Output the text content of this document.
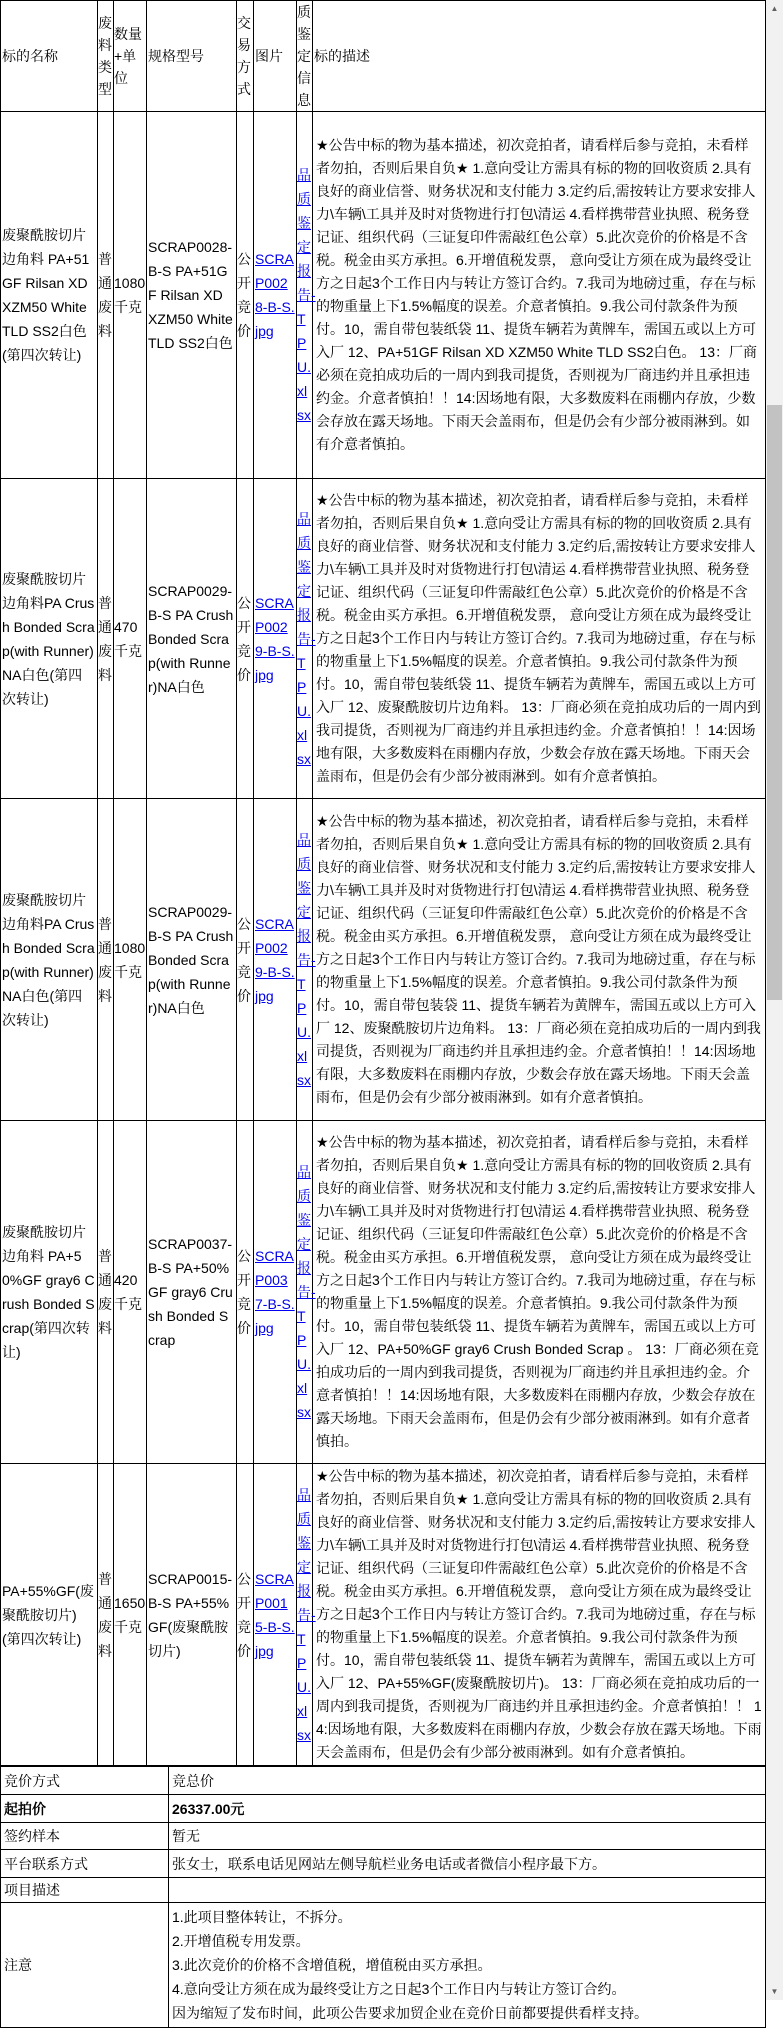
标的名称	废料类型	数量+单位	规格型号	交易方式	图片	质鉴定信息	标的描述
废聚酰胺切片边角料 PA+51GF Rilsan XD XZM50 White TLD SS2白色 (第四次转让)	普通废料	1080千克	SCRAP0028-B-S PA+51GF Rilsan XD XZM50 White TLD SS2白色	公开竞价	SCRAP0028-B-S.jpg	品质鉴定报告-TPU.xlsx	★公告中标的物为基本描述，初次竞拍者，请看样后参与竞拍，未看样者勿拍，否则后果自负★ 1.意向受让方需具有标的物的回收资质 2.具有良好的商业信誉、财务状况和支付能力 3.定约后,需按转让方要求安排人力\车辆\工具并及时对货物进行打包\清运 4.看样携带营业执照、税务登记证、组织代码（三证复印件需敲红色公章）5.此次竞价的价格是不含税。税金由买方承担。6.开增值税发票， 意向受让方须在成为最终受让方之日起3个工作日内与转让方签订合约。7.我司为地磅过重，存在与标的物重量上下1.5%幅度的误差。介意者慎拍。9.我公司付款条件为预付。10，需自带包装纸袋 11、提货车辆若为黄牌车，需国五或以上方可入厂 12、PA+51GF Rilsan XD XZM50 White TLD SS2白色。 13：厂商必须在竞拍成功后的一周内到我司提货，否则视为厂商违约并且承担违约金。介意者慎拍！！14:因场地有限，大多数废料在雨棚内存放，少数会存放在露天场地。下雨天会盖雨布，但是仍会有少部分被雨淋到。如有介意者慎拍。
废聚酰胺切片边角料PA Crush Bonded Scrap(with Runner)NA白色(第四次转让)	普通废料	470千克	SCRAP0029-B-S PA Crush Bonded Scrap(with Runner)NA白色	公开竞价	SCRAP0029-B-S.jpg	品质鉴定报告-TPU.xlsx	★公告中标的物为基本描述，初次竞拍者，请看样后参与竞拍，未看样者勿拍，否则后果自负★ 1.意向受让方需具有标的物的回收资质 2.具有良好的商业信誉、财务状况和支付能力 3.定约后,需按转让方要求安排人力\车辆\工具并及时对货物进行打包\清运 4.看样携带营业执照、税务登记证、组织代码（三证复印件需敲红色公章）5.此次竞价的价格是不含税。税金由买方承担。6.开增值税发票， 意向受让方须在成为最终受让方之日起3个工作日内与转让方签订合约。7.我司为地磅过重，存在与标的物重量上下1.5%幅度的误差。介意者慎拍。9.我公司付款条件为预付。10，需自带包装纸袋 11、提货车辆若为黄牌车，需国五或以上方可入厂 12、废聚酰胺切片边角料。 13：厂商必须在竞拍成功后的一周内到我司提货，否则视为厂商违约并且承担违约金。介意者慎拍！！14:因场地有限，大多数废料在雨棚内存放，少数会存放在露天场地。下雨天会盖雨布，但是仍会有少部分被雨淋到。如有介意者慎拍。
废聚酰胺切片边角料PA Crush Bonded Scrap(with Runner)NA白色(第四次转让)	普通废料	1080千克	SCRAP0029-B-S PA Crush Bonded Scrap(with Runner)NA白色	公开竞价	SCRAP0029-B-S.jpg	品质鉴定报告-TPU.xlsx	★公告中标的物为基本描述，初次竞拍者，请看样后参与竞拍，未看样者勿拍，否则后果自负★ 1.意向受让方需具有标的物的回收资质 2.具有良好的商业信誉、财务状况和支付能力 3.定约后,需按转让方要求安排人力\车辆\工具并及时对货物进行打包\清运 4.看样携带营业执照、税务登记证、组织代码（三证复印件需敲红色公章）5.此次竞价的价格是不含税。税金由买方承担。6.开增值税发票， 意向受让方须在成为最终受让方之日起3个工作日内与转让方签订合约。7.我司为地磅过重，存在与标的物重量上下1.5%幅度的误差。介意者慎拍。9.我公司付款条件为预付。10，需自带包装袋 11、提货车辆若为黄牌车，需国五或以上方可入厂 12、废聚酰胺切片边角料。 13：厂商必须在竞拍成功后的一周内到我司提货，否则视为厂商违约并且承担违约金。介意者慎拍！！14:因场地有限，大多数废料在雨棚内存放，少数会存放在露天场地。下雨天会盖雨布，但是仍会有少部分被雨淋到。如有介意者慎拍。
废聚酰胺切片边角料 PA+50%GF gray6 Crush Bonded Scrap(第四次转让)	普通废料	420千克	SCRAP0037-B-S PA+50%GF gray6 Crush Bonded Scrap	公开竞价	SCRAP0037-B-S.jpg	品质鉴定报告-TPU.xlsx	★公告中标的物为基本描述，初次竞拍者，请看样后参与竞拍，未看样者勿拍，否则后果自负★ 1.意向受让方需具有标的物的回收资质 2.具有良好的商业信誉、财务状况和支付能力 3.定约后,需按转让方要求安排人力\车辆\工具并及时对货物进行打包\清运 4.看样携带营业执照、税务登记证、组织代码（三证复印件需敲红色公章）5.此次竞价的价格是不含税。税金由买方承担。6.开增值税发票， 意向受让方须在成为最终受让方之日起3个工作日内与转让方签订合约。7.我司为地磅过重，存在与标的物重量上下1.5%幅度的误差。介意者慎拍。9.我公司付款条件为预付。10，需自带包装纸袋 11、提货车辆若为黄牌车，需国五或以上方可入厂 12、PA+50%GF gray6 Crush Bonded Scrap 。 13：厂商必须在竞拍成功后的一周内到我司提货，否则视为厂商违约并且承担违约金。介意者慎拍！！14:因场地有限，大多数废料在雨棚内存放，少数会存放在露天场地。下雨天会盖雨布，但是仍会有少部分被雨淋到。如有介意者慎拍。
PA+55%GF(废聚酰胺切片) (第四次转让)	普通废料	1650千克	SCRAP0015-B-S PA+55%GF(废聚酰胺切片)	公开竞价	SCRAP0015-B-S.jpg	品质鉴定报告-TPU.xlsx	★公告中标的物为基本描述，初次竞拍者，请看样后参与竞拍，未看样者勿拍，否则后果自负★ 1.意向受让方需具有标的物的回收资质 2.具有良好的商业信誉、财务状况和支付能力 3.定约后,需按转让方要求安排人力\车辆\工具并及时对货物进行打包\清运 4.看样携带营业执照、税务登记证、组织代码（三证复印件需敲红色公章）5.此次竞价的价格是不含税。税金由买方承担。6.开增值税发票， 意向受让方须在成为最终受让方之日起3个工作日内与转让方签订合约。7.我司为地磅过重，存在与标的物重量上下1.5%幅度的误差。介意者慎拍。9.我公司付款条件为预付。10，需自带包装纸袋 11、提货车辆若为黄牌车，需国五或以上方可入厂 12、PA+55%GF(废聚酰胺切片)。 13：厂商必须在竞拍成功后的一周内到我司提货，否则视为厂商违约并且承担违约金。介意者慎拍！！ 14:因场地有限，大多数废料在雨棚内存放，少数会存放在露天场地。下雨天会盖雨布，但是仍会有少部分被雨淋到。如有介意者慎拍。
竞价方式	竞总价
起拍价	26337.00元
签约样本	暂无
平台联系方式	张女士，联系电话见网站左侧导航栏业务电话或者微信小程序最下方。
项目描述	
注意	1.此项目整体转让，不拆分。
2.开增值税专用发票。
3.此次竞价的价格不含增值税，增值税由买方承担。
4.意向受让方须在成为最终受让方之日起3个工作日内与转让方签订合约。
因为缩短了发布时间，此项公告要求加贸企业在竞价日前都要提供看样支持。
▲
▼
